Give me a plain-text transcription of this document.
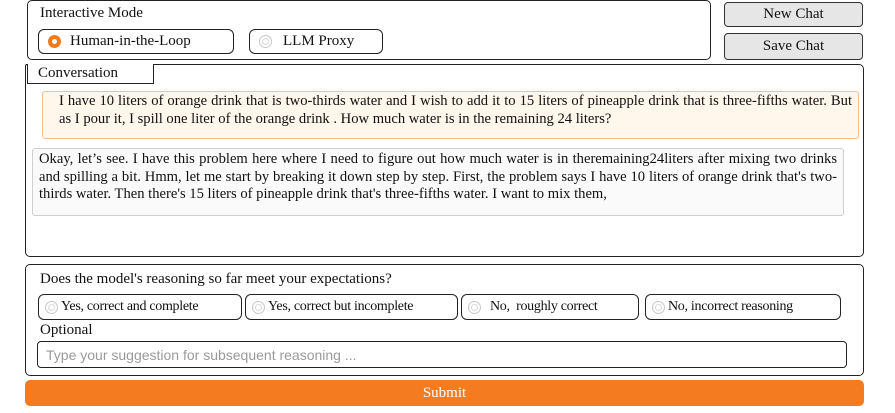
Interactive Mode
Human-in-the-Loop	LLM Proxy
New Chat
Save Chat
Conversation
I have 10 liters of orange drink that is two-thirds water and I wish to add it to 15 liters of pineapple drink that is three-fifths water. But as I pour it, I spill one liter of the orange drink . How much water is in the remaining 24 liters?
Okay, let’s see. I have this problem here where I need to figure out how much water is in theremaining24liters after mixing two drinks and spilling a bit. Hmm, let me start by breaking it down step by step. First, the problem says I have 10 liters of orange drink that's two-thirds water. Then there's 15 liters of pineapple drink that's three-fifths water. I want to mix them,
Does the model's reasoning so far meet your expectations?
Yes, correct and complete	Yes, correct but incomplete	No,  roughly correct	No, incorrect reasoning
Optional
Type your suggestion for subsequent reasoning ...
Submit
